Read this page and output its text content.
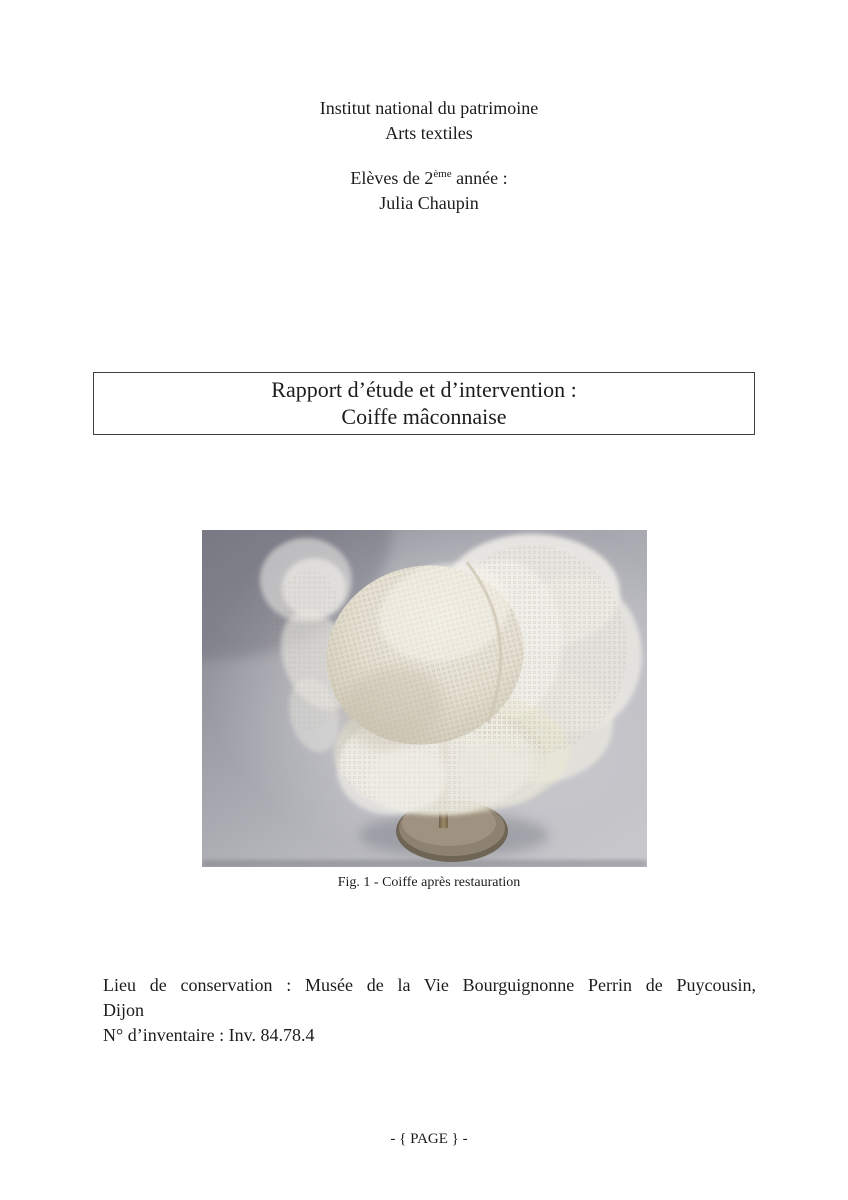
Institut national du patrimoine
Arts textiles
Elèves de 2ème année :
Julia Chaupin
Rapport d’étude et d’intervention :
Coiffe mâconnaise
Fig. 1 - Coiffe après restauration
Lieu de conservation : Musée de la Vie Bourguignonne Perrin de Puycousin,
Dijon
N° d’inventaire : Inv. 84.78.4
- { PAGE } -
